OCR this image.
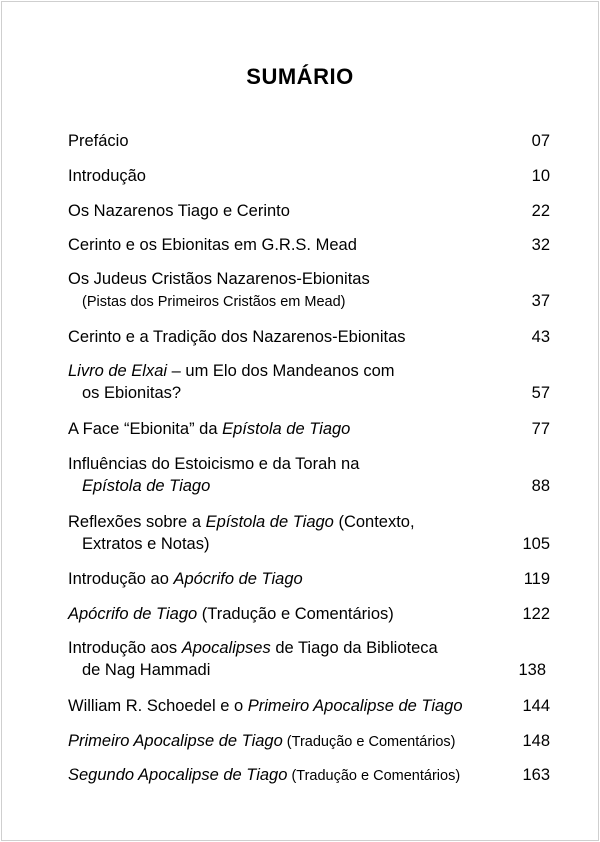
SUMÁRIO
Prefácio	07
Introdução	10
Os Nazarenos Tiago e Cerinto	22
Cerinto e os Ebionitas em G.R.S. Mead	32
Os Judeus Cristãos Nazarenos-Ebionitas
(Pistas dos Primeiros Cristãos em Mead)	37
Cerinto e a Tradição dos Nazarenos-Ebionitas	43
Livro de Elxai – um Elo dos Mandeanos com
os Ebionitas?	57
A Face “Ebionita” da Epístola de Tiago	77
Influências do Estoicismo e da Torah na
Epístola de Tiago	88
Reflexões sobre a Epístola de Tiago (Contexto,
Extratos e Notas)	105
Introdução ao Apócrifo de Tiago	119
Apócrifo de Tiago (Tradução e Comentários)	122
Introdução aos Apocalipses de Tiago da Biblioteca
de Nag Hammadi	138
William R. Schoedel e o Primeiro Apocalipse de Tiago	144
Primeiro Apocalipse de Tiago (Tradução e Comentários)	148
Segundo Apocalipse de Tiago (Tradução e Comentários)	163
